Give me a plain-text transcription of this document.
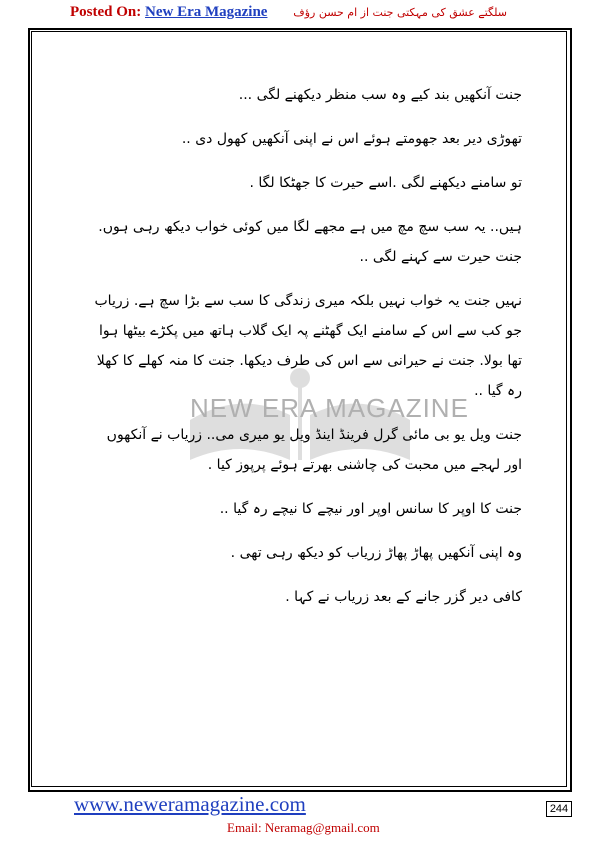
Posted On: New Era Magazine سلگتے عشق کی مہکتی جنت از ام حسن رؤف
NEW ERA MAGAZINE

جنت آنکھیں بند کیے وہ سب منظر دیکھنے لگی ...

تھوڑی دیر بعد جھومتے ہوئے اس نے اپنی آنکھیں کھول دی ..

تو سامنے دیکھنے لگی .اسے حیرت کا جھٹکا لگا .

ہیں.. یہ سب سچ مچ میں ہے مجھے لگا میں کوئی خواب دیکھ رہی ہوں. جنت حیرت سے کہنے لگی ..

نہیں جنت یہ خواب نہیں بلکہ میری زندگی کا سب سے بڑا سچ ہے. زریاب جو کب سے اس کے سامنے ایک گھٹنے پہ ایک گلاب ہاتھ میں پکڑے بیٹھا ہوا تھا بولا. جنت نے حیرانی سے اس کی طرف دیکھا. جنت کا منہ کھلے کا کھلا رہ گیا ..

جنت ویل یو بی مائی گرل فرینڈ اینڈ ویل یو میری می.. زریاب نے آنکھوں اور لہجے میں محبت کی چاشنی بھرتے ہوئے پرپوز کیا .

جنت کا اوپر کا سانس اوپر اور نیچے کا نیچے رہ گیا ..

وہ اپنی آنکھیں پھاڑ پھاڑ زریاب کو دیکھ رہی تھی .

کافی دیر گزر جانے کے بعد زریاب نے کہا .

www.neweramagazine.com	244
Email: Neramag@gmail.com
